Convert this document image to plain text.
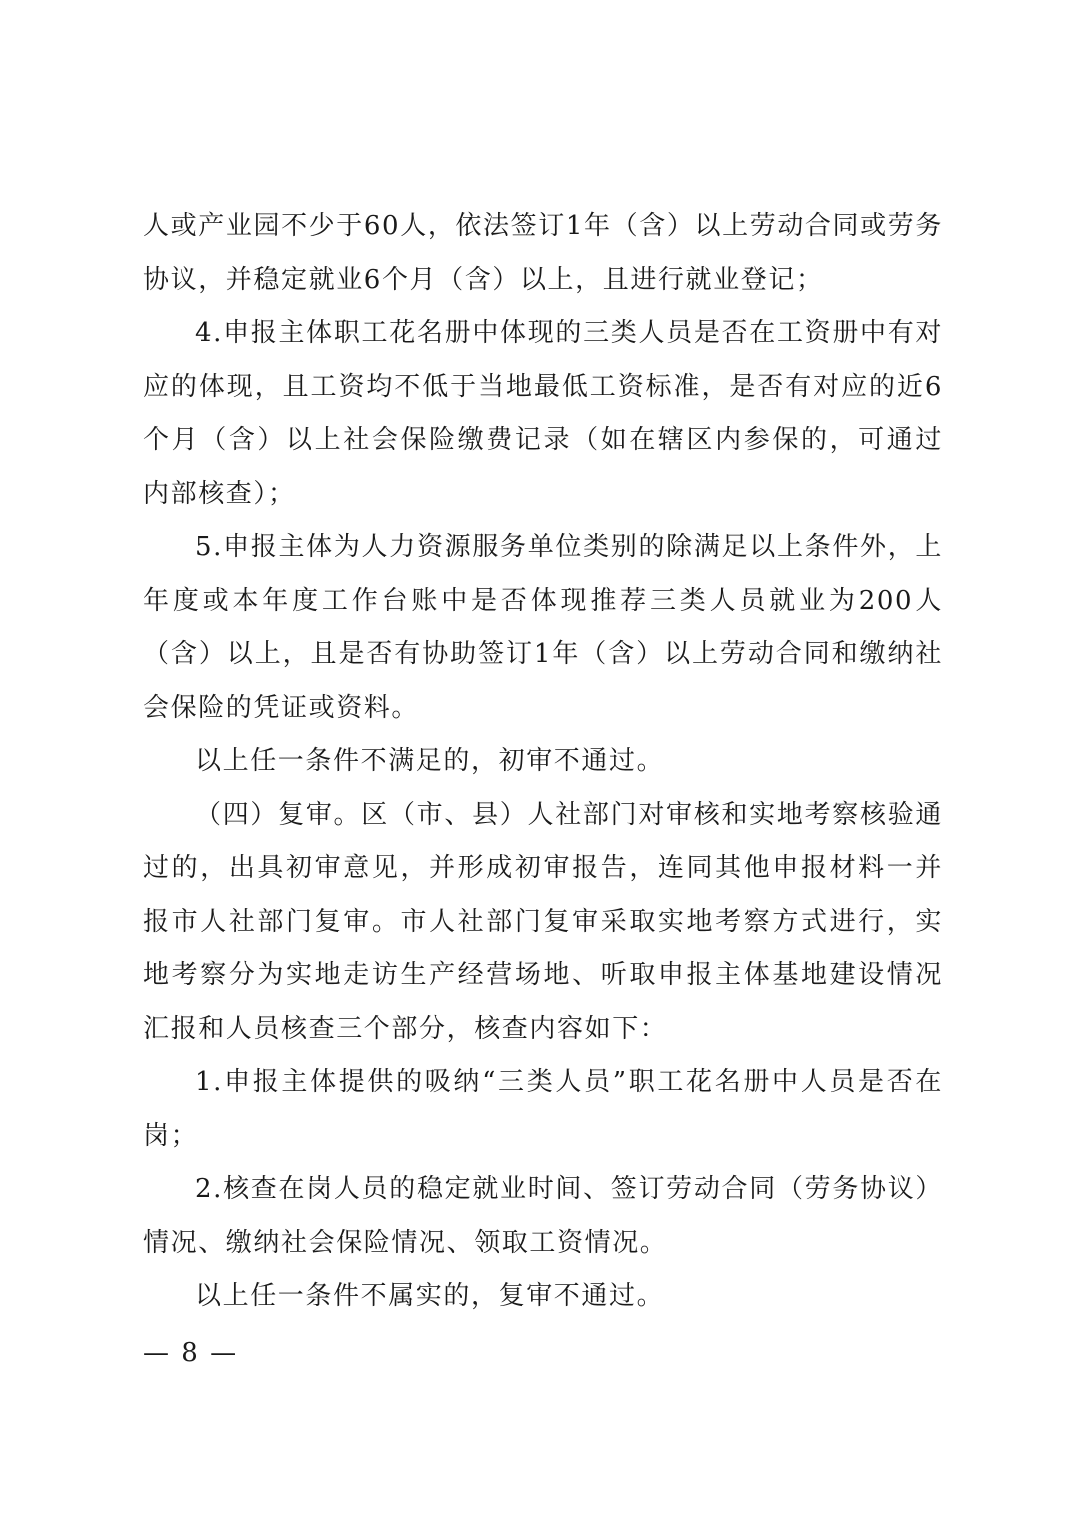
人或产业园不少于60人，依法签订1年（含）以上劳动合同或劳务协议，并稳定就业6个月（含）以上，且进行就业登记；

4.申报主体职工花名册中体现的三类人员是否在工资册中有对应的体现，且工资均不低于当地最低工资标准，是否有对应的近6个月（含）以上社会保险缴费记录（如在辖区内参保的，可通过内部核查）；

5.申报主体为人力资源服务单位类别的除满足以上条件外，上年度或本年度工作台账中是否体现推荐三类人员就业为200人（含）以上，且是否有协助签订1年（含）以上劳动合同和缴纳社会保险的凭证或资料。

以上任一条件不满足的，初审不通过。

（四）复审。区（市、县）人社部门对审核和实地考察核验通过的，出具初审意见，并形成初审报告，连同其他申报材料一并报市人社部门复审。市人社部门复审采取实地考察方式进行，实地考察分为实地走访生产经营场地、听取申报主体基地建设情况汇报和人员核查三个部分，核查内容如下：

1.申报主体提供的吸纳“三类人员”职工花名册中人员是否在岗；

2.核查在岗人员的稳定就业时间、签订劳动合同（劳务协议）情况、缴纳社会保险情况、领取工资情况。

以上任一条件不属实的，复审不通过。

— 8 —
